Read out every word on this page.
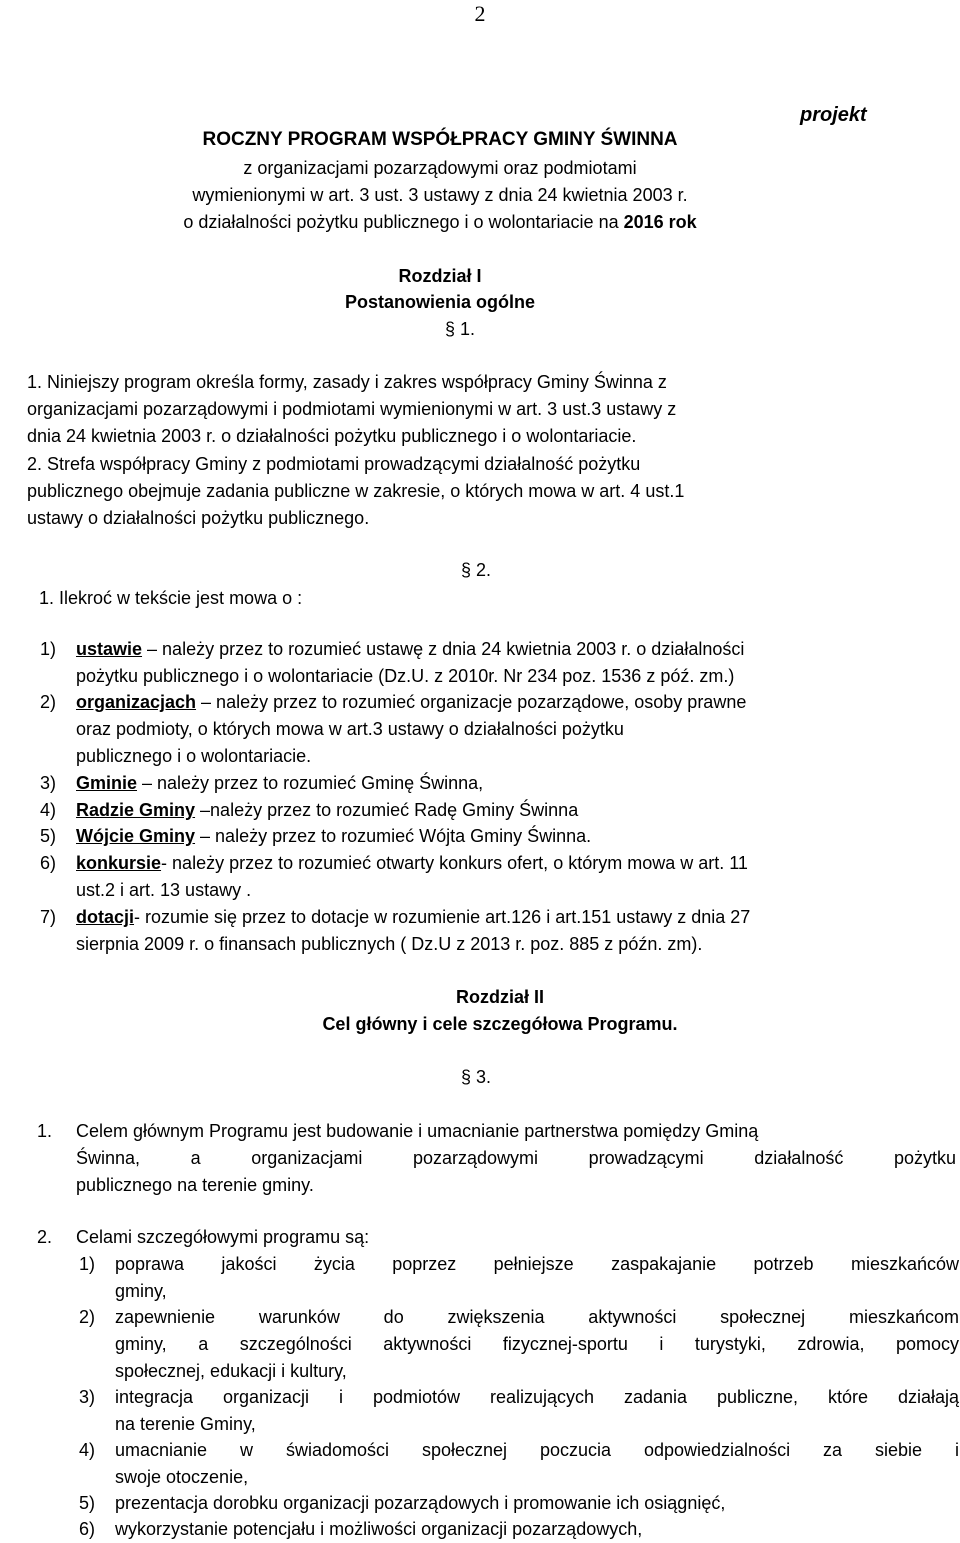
2
projekt
ROCZNY PROGRAM WSPÓŁPRACY GMINY ŚWINNA
z organizacjami pozarządowymi oraz podmiotami
wymienionymi w art. 3 ust. 3 ustawy z dnia 24 kwietnia 2003 r.
o działalności pożytku publicznego i o wolontariacie na 2016 rok
Rozdział I
Postanowienia ogólne
§ 1.
1. Niniejszy program określa formy, zasady i zakres współpracy Gminy Świnna z
organizacjami pozarządowymi i podmiotami wymienionymi w art. 3 ust.3 ustawy z
dnia 24 kwietnia 2003 r. o działalności pożytku publicznego i o wolontariacie.
2. Strefa współpracy Gminy z podmiotami prowadzącymi działalność pożytku
publicznego obejmuje zadania publiczne w zakresie, o których mowa w art. 4 ust.1
ustawy o działalności pożytku publicznego.
§ 2.
1. Ilekroć w tekście jest mowa o :
1) ustawie – należy przez to rozumieć ustawę z dnia 24 kwietnia 2003 r. o działalności
pożytku publicznego i o wolontariacie (Dz.U. z 2010r. Nr 234 poz. 1536 z póź. zm.)
2) organizacjach – należy przez to rozumieć organizacje pozarządowe, osoby prawne
oraz podmioty, o których mowa w art.3 ustawy o działalności pożytku
publicznego i o wolontariacie.
3) Gminie – należy przez to rozumieć Gminę Świnna,
4) Radzie Gminy –należy przez to rozumieć Radę Gminy Świnna
5) Wójcie Gminy – należy przez to rozumieć Wójta Gminy Świnna.
6) konkursie- należy przez to rozumieć otwarty konkurs ofert, o którym mowa w art. 11
ust.2 i art. 13 ustawy .
7) dotacji- rozumie się przez to dotacje w rozumienie art.126 i art.151 ustawy z dnia 27
sierpnia 2009 r. o finansach publicznych ( Dz.U z 2013 r. poz. 885 z późn. zm).
Rozdział II
Cel główny i cele szczegółowa Programu.
§ 3.
1. Celem głównym Programu jest budowanie i umacnianie partnerstwa pomiędzy Gminą
Świnna, a organizacjami pozarządowymi prowadzącymi działalność pożytku
publicznego na terenie gminy.
2. Celami szczegółowymi programu są:
1) poprawa jakości życia poprzez pełniejsze zaspakajanie potrzeb mieszkańców
gminy,
2) zapewnienie warunków do zwiększenia aktywności społecznej mieszkańcom
gminy, a szczególności aktywności fizycznej-sportu i turystyki, zdrowia, pomocy
społecznej, edukacji i kultury,
3) integracja organizacji i podmiotów realizujących zadania publiczne, które działają
na terenie Gminy,
4) umacnianie w świadomości społecznej poczucia odpowiedzialności za siebie i
swoje otoczenie,
5) prezentacja dorobku organizacji pozarządowych i promowanie ich osiągnięć,
6) wykorzystanie potencjału i możliwości organizacji pozarządowych,
